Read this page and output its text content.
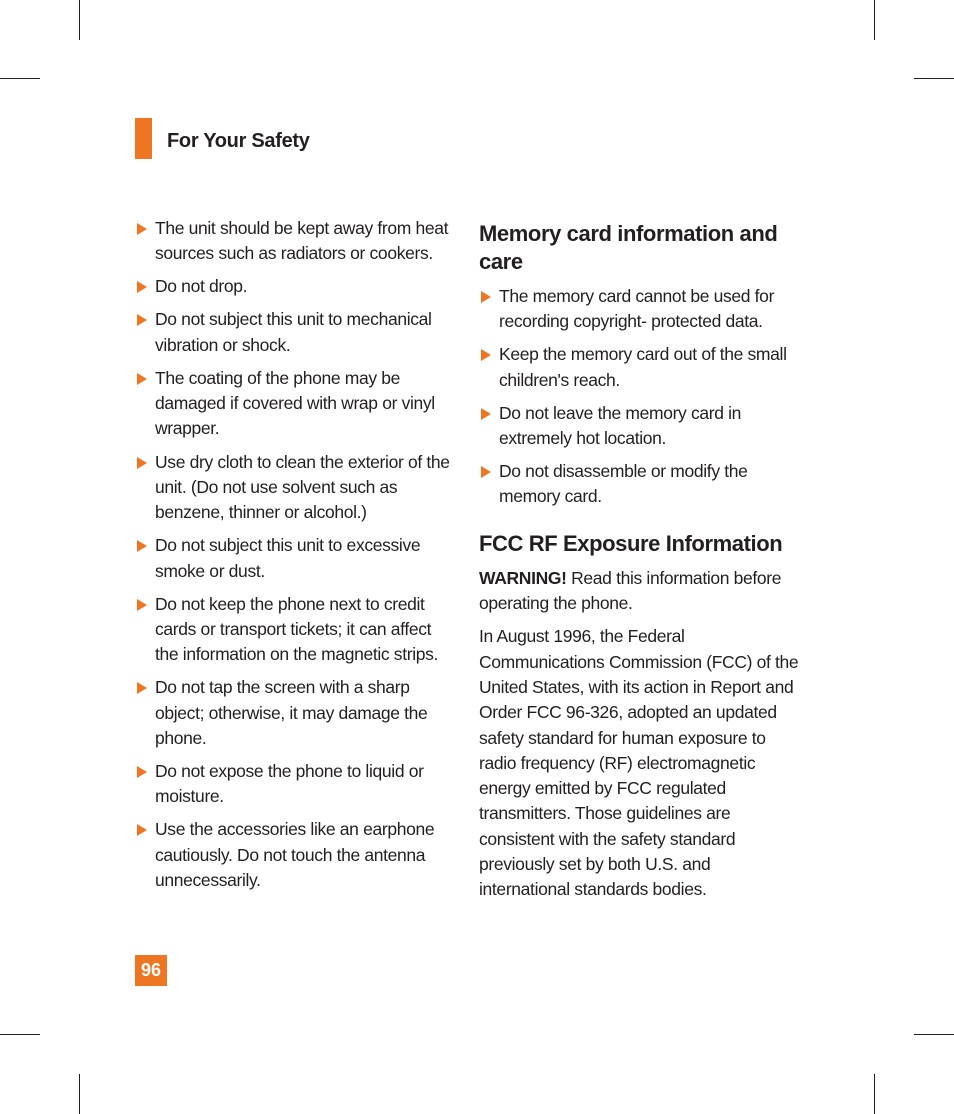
For Your Safety
The unit should be kept away from heat sources such as radiators or cookers.
Do not drop.
Do not subject this unit to mechanical vibration or shock.
The coating of the phone may be damaged if covered with wrap or vinyl wrapper.
Use dry cloth to clean the exterior of the unit. (Do not use solvent such as benzene, thinner or alcohol.)
Do not subject this unit to excessive smoke or dust.
Do not keep the phone next to credit cards or transport tickets; it can affect the information on the magnetic strips.
Do not tap the screen with a sharp object; otherwise, it may damage the phone.
Do not expose the phone to liquid or moisture.
Use the accessories like an earphone cautiously. Do not touch the antenna unnecessarily.
Memory card information and care
The memory card cannot be used for recording copyright- protected data.
Keep the memory card out of the small children's reach.
Do not leave the memory card in extremely hot location.
Do not disassemble or modify the memory card.
FCC RF Exposure Information

WARNING! Read this information before operating the phone.

In August 1996, the Federal Communications Commission (FCC) of the United States, with its action in Report and Order FCC 96-326, adopted an updated safety standard for human exposure to radio frequency (RF) electromagnetic energy emitted by FCC regulated transmitters. Those guidelines are consistent with the safety standard previously set by both U.S. and international standards bodies.

96
